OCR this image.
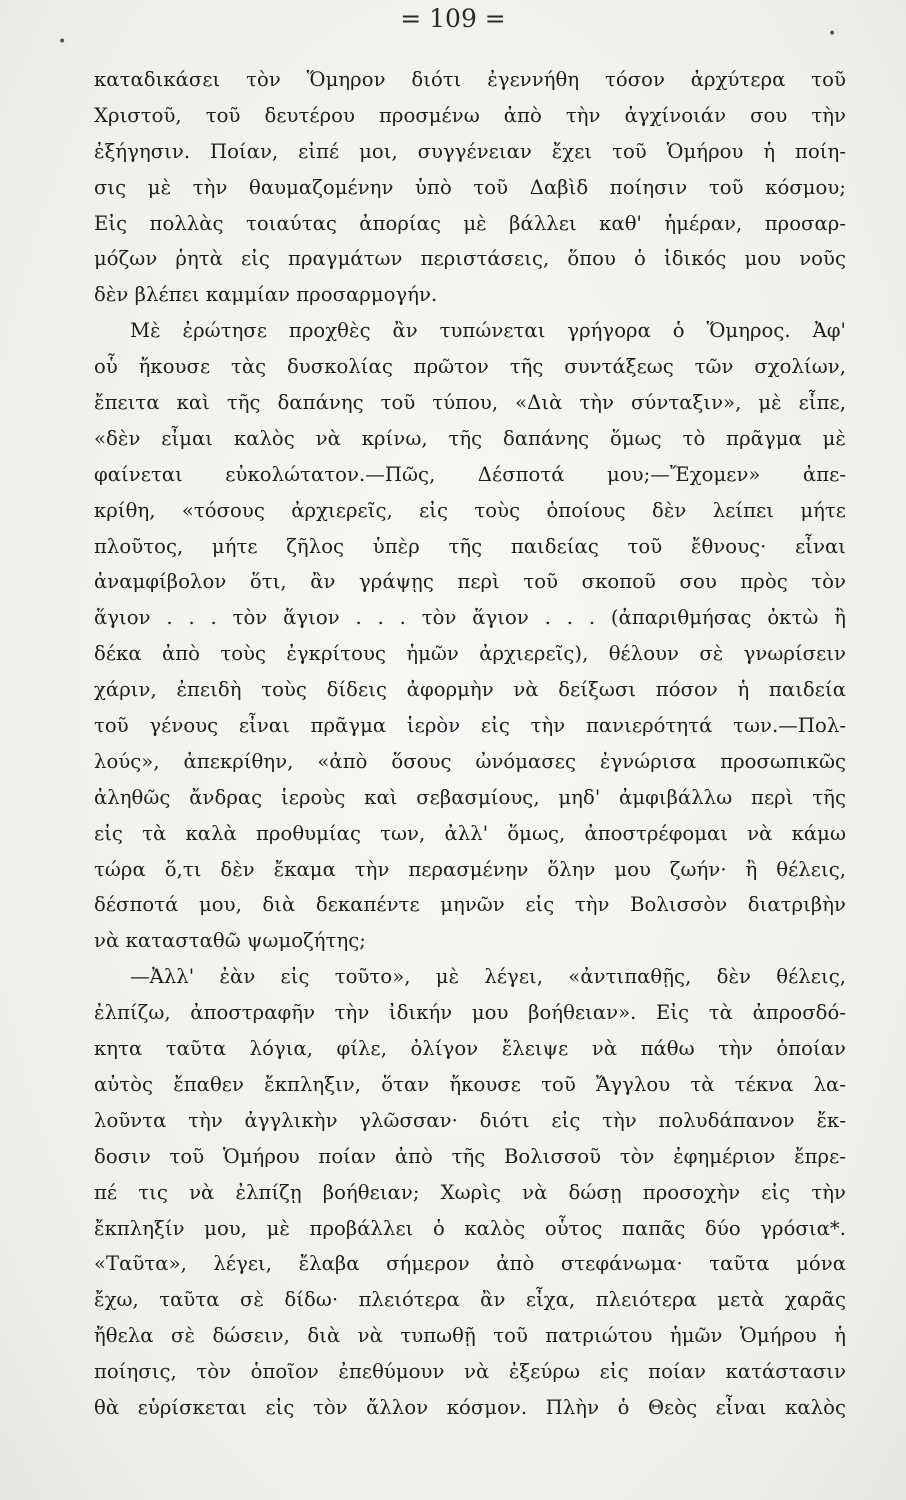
= 109 =
•	•
καταδικάσει τὸν Ὅμηρον διότι ἐγεννήθη τόσον ἀρχύτερα τοῦ
Χριστοῦ, τοῦ δευτέρου προσμένω ἀπὸ τὴν ἀγχίνοιάν σου τὴν
ἐξήγησιν. Ποίαν, εἰπέ μοι, συγγένειαν ἔχει τοῦ Ὁμήρου ἡ ποίη-
σις μὲ τὴν θαυμαζομένην ὑπὸ τοῦ Δαβὶδ ποίησιν τοῦ κόσμου;
Εἰς πολλὰς τοιαύτας ἀπορίας μὲ βάλλει καθ' ἡμέραν, προσαρ-
μόζων ῥητὰ εἰς πραγμάτων περιστάσεις, ὅπου ὁ ἰδικός μου νοῦς
δὲν βλέπει καμμίαν προσαρμογήν.
Μὲ ἐρώτησε προχθὲς ἂν τυπώνεται γρήγορα ὁ Ὅμηρος. Ἀφ'
οὗ ἤκουσε τὰς δυσκολίας πρῶτον τῆς συντάξεως τῶν σχολίων,
ἔπειτα καὶ τῆς δαπάνης τοῦ τύπου, «Διὰ τὴν σύνταξιν», μὲ εἶπε,
«δὲν εἶμαι καλὸς νὰ κρίνω, τῆς δαπάνης ὅμως τὸ πρᾶγμα μὲ
φαίνεται εὐκολώτατον.—Πῶς, Δέσποτά μου;—Ἔχομεν» ἀπε-
κρίθη, «τόσους ἀρχιερεῖς, εἰς τοὺς ὁποίους δὲν λείπει μήτε
πλοῦτος, μήτε ζῆλος ὑπὲρ τῆς παιδείας τοῦ ἔθνους· εἶναι
ἀναμφίβολον ὅτι, ἂν γράψῃς περὶ τοῦ σκοποῦ σου πρὸς τὸν
ἅγιον . . . τὸν ἅγιον . . . τὸν ἅγιον . . . (ἀπαριθμήσας ὀκτὼ ἢ
δέκα ἀπὸ τοὺς ἐγκρίτους ἡμῶν ἀρχιερεῖς), θέλουν σὲ γνωρίσειν
χάριν, ἐπειδὴ τοὺς δίδεις ἀφορμὴν νὰ δείξωσι πόσον ἡ παιδεία
τοῦ γένους εἶναι πρᾶγμα ἱερὸν εἰς τὴν πανιερότητά των.—Πολ-
λούς», ἀπεκρίθην, «ἀπὸ ὅσους ὠνόμασες ἐγνώρισα προσωπικῶς
ἀληθῶς ἄνδρας ἱεροὺς καὶ σεβασμίους, μηδ' ἀμφιβάλλω περὶ τῆς
εἰς τὰ καλὰ προθυμίας των, ἀλλ' ὅμως, ἀποστρέφομαι νὰ κάμω
τώρα ὅ,τι δὲν ἔκαμα τὴν περασμένην ὅλην μου ζωήν· ἢ θέλεις,
δέσποτά μου, διὰ δεκαπέντε μηνῶν εἰς τὴν Βολισσὸν διατριβὴν
νὰ κατασταθῶ ψωμοζήτης;
—Ἀλλ' ἐὰν εἰς τοῦτο», μὲ λέγει, «ἀντιπαθῇς, δὲν θέλεις,
ἐλπίζω, ἀποστραφῆν τὴν ἰδικήν μου βοήθειαν». Εἰς τὰ ἀπροσδό-
κητα ταῦτα λόγια, φίλε, ὀλίγον ἔλειψε νὰ πάθω τὴν ὁποίαν
αὐτὸς ἔπαθεν ἔκπληξιν, ὅταν ἤκουσε τοῦ Ἄγγλου τὰ τέκνα λα-
λοῦντα τὴν ἀγγλικὴν γλῶσσαν· διότι εἰς τὴν πολυδάπανον ἔκ-
δοσιν τοῦ Ὁμήρου ποίαν ἀπὸ τῆς Βολισσοῦ τὸν ἐφημέριον ἔπρε-
πέ τις νὰ ἐλπίζῃ βοήθειαν; Χωρὶς νὰ δώσῃ προσοχὴν εἰς τὴν
ἔκπληξίν μου, μὲ προβάλλει ὁ καλὸς οὗτος παπᾶς δύο γρόσια*.
«Ταῦτα», λέγει, ἔλαβα σήμερον ἀπὸ στεφάνωμα· ταῦτα μόνα
ἔχω, ταῦτα σὲ δίδω· πλειότερα ἂν εἶχα, πλειότερα μετὰ χαρᾶς
ἤθελα σὲ δώσειν, διὰ νὰ τυπωθῇ τοῦ πατριώτου ἡμῶν Ὁμήρου ἡ
ποίησις, τὸν ὁποῖον ἐπεθύμουν νὰ ἐξεύρω εἰς ποίαν κατάστασιν
θὰ εὑρίσκεται εἰς τὸν ἄλλον κόσμον. Πλὴν ὁ Θεὸς εἶναι καλὸς
